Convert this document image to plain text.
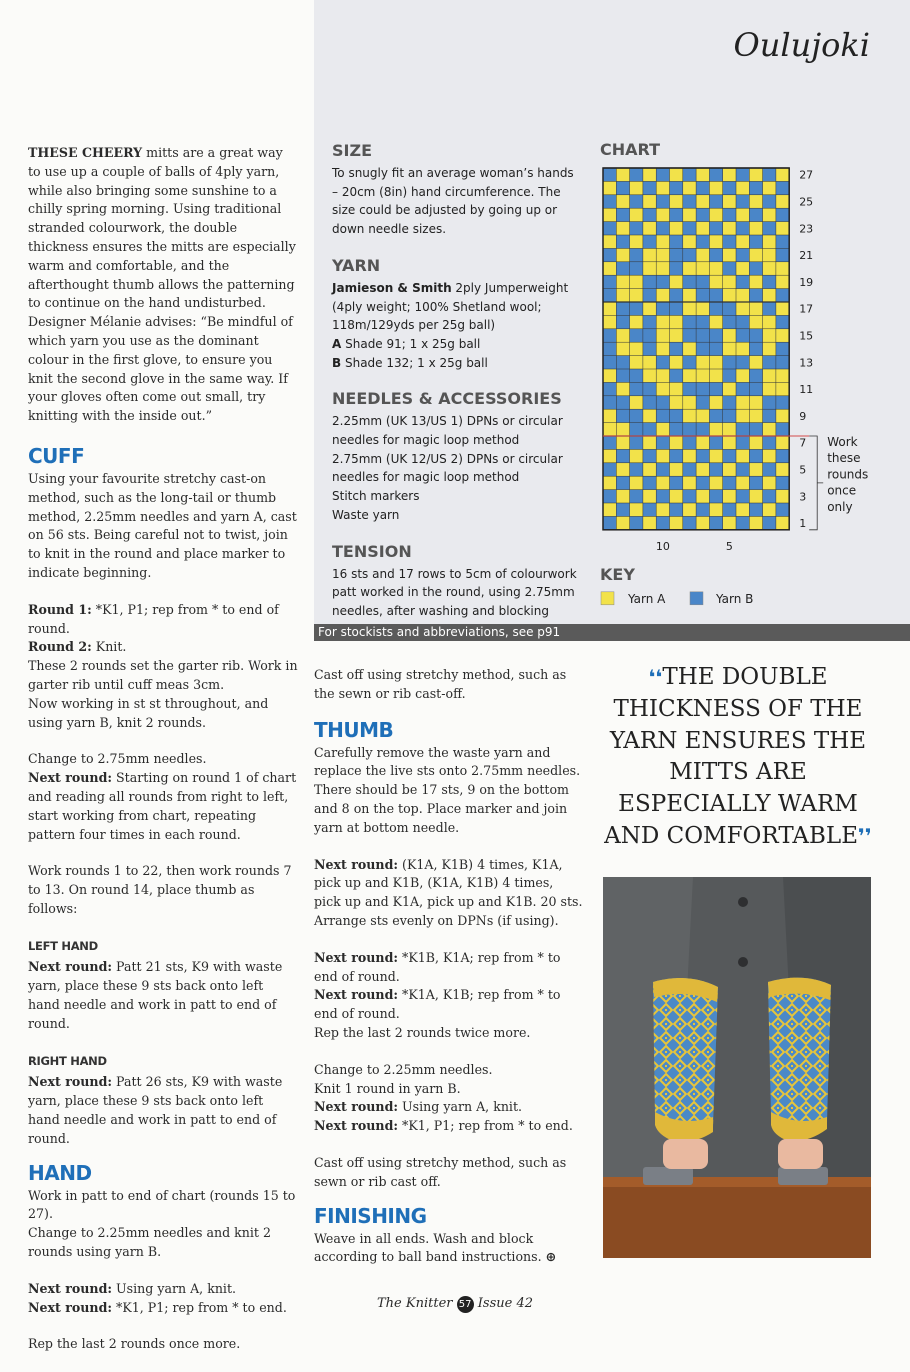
Oulujoki

THESE CHEERY mitts are a great way to use up a couple of balls of 4ply yarn, while also bringing some sunshine to a chilly spring morning. Using traditional stranded colourwork, the double thickness ensures the mitts are especially warm and comfortable, and the afterthought thumb allows the patterning to continue on the hand undisturbed. Designer Mélanie advises: “Be mindful of which yarn you use as the dominant colour in the first glove, to ensure you knit the second glove in the same way. If your gloves often come out small, try knitting with the inside out.”

CUFF

Using your favourite stretchy cast-on method, such as the long-tail or thumb method, 2.25mm needles and yarn A, cast on 56 sts. Being careful not to twist, join to knit in the round and place marker to indicate beginning.

Round 1: *K1, P1; rep from * to end of round.

Round 2: Knit.

These 2 rounds set the garter rib. Work in garter rib until cuff meas 3cm.

Now working in st st throughout, and using yarn B, knit 2 rounds.

Change to 2.75mm needles.

Next round: Starting on round 1 of chart and reading all rounds from right to left, start working from chart, repeating pattern four times in each round.

Work rounds 1 to 22, then work rounds 7 to 13. On round 14, place thumb as follows:

LEFT HAND

Next round: Patt 21 sts, K9 with waste yarn, place these 9 sts back onto left hand needle and work in patt to end of round.

RIGHT HAND

Next round: Patt 26 sts, K9 with waste yarn, place these 9 sts back onto left hand needle and work in patt to end of round.

HAND

Work in patt to end of chart (rounds 15 to 27).

Change to 2.25mm needles and knit 2 rounds using yarn B.

Next round: Using yarn A, knit.

Next round: *K1, P1; rep from * to end.

Rep the last 2 rounds once more.

SIZE
To snugly fit an average woman’s hands – 20cm (8in) hand circumference. The size could be adjusted by going up or down needle sizes.
YARN
Jamieson & Smith 2ply Jumperweight (4ply weight; 100% Shetland wool; 118m/129yds per 25g ball)
A Shade 91; 1 x 25g ball
B Shade 132; 1 x 25g ball
NEEDLES & ACCESSORIES
2.25mm (UK 13/US 1) DPNs or circular needles for magic loop method
2.75mm (UK 12/US 2) DPNs or circular needles for magic loop method
Stitch markers
Waste yarn
TENSION
16 sts and 17 rows to 5cm of colourwork patt worked in the round, using 2.75mm needles, after washing and blocking
For stockists and abbreviations, see p91
CHART
27
25
23
21
19
17
15
13
11
9
7
5
3
1
10	5
Work
these
rounds
once
only
KEY
Yarn A	Yarn B

Cast off using stretchy method, such as the sewn or rib cast-off.

THUMB

Carefully remove the waste yarn and replace the live sts onto 2.75mm needles. There should be 17 sts, 9 on the bottom and 8 on the top. Place marker and join yarn at bottom needle.

Next round: (K1A, K1B) 4 times, K1A, pick up and K1B, (K1A, K1B) 4 times, pick up and K1A, pick up and K1B. 20 sts. Arrange sts evenly on DPNs (if using).

Next round: *K1B, K1A; rep from * to end of round.

Next round: *K1A, K1B; rep from * to end of round.

Rep the last 2 rounds twice more.

Change to 2.25mm needles.

Knit 1 round in yarn B.

Next round: Using yarn A, knit.

Next round: *K1, P1; rep from * to end.

Cast off using stretchy method, such as sewn or rib cast off.

FINISHING

Weave in all ends. Wash and block according to ball band instructions. ⊕

❛❛THE DOUBLE THICKNESS OF THE YARN ENSURES THE MITTS ARE ESPECIALLY WARM AND COMFORTABLE❜❜
The Knitter 57 Issue 42
